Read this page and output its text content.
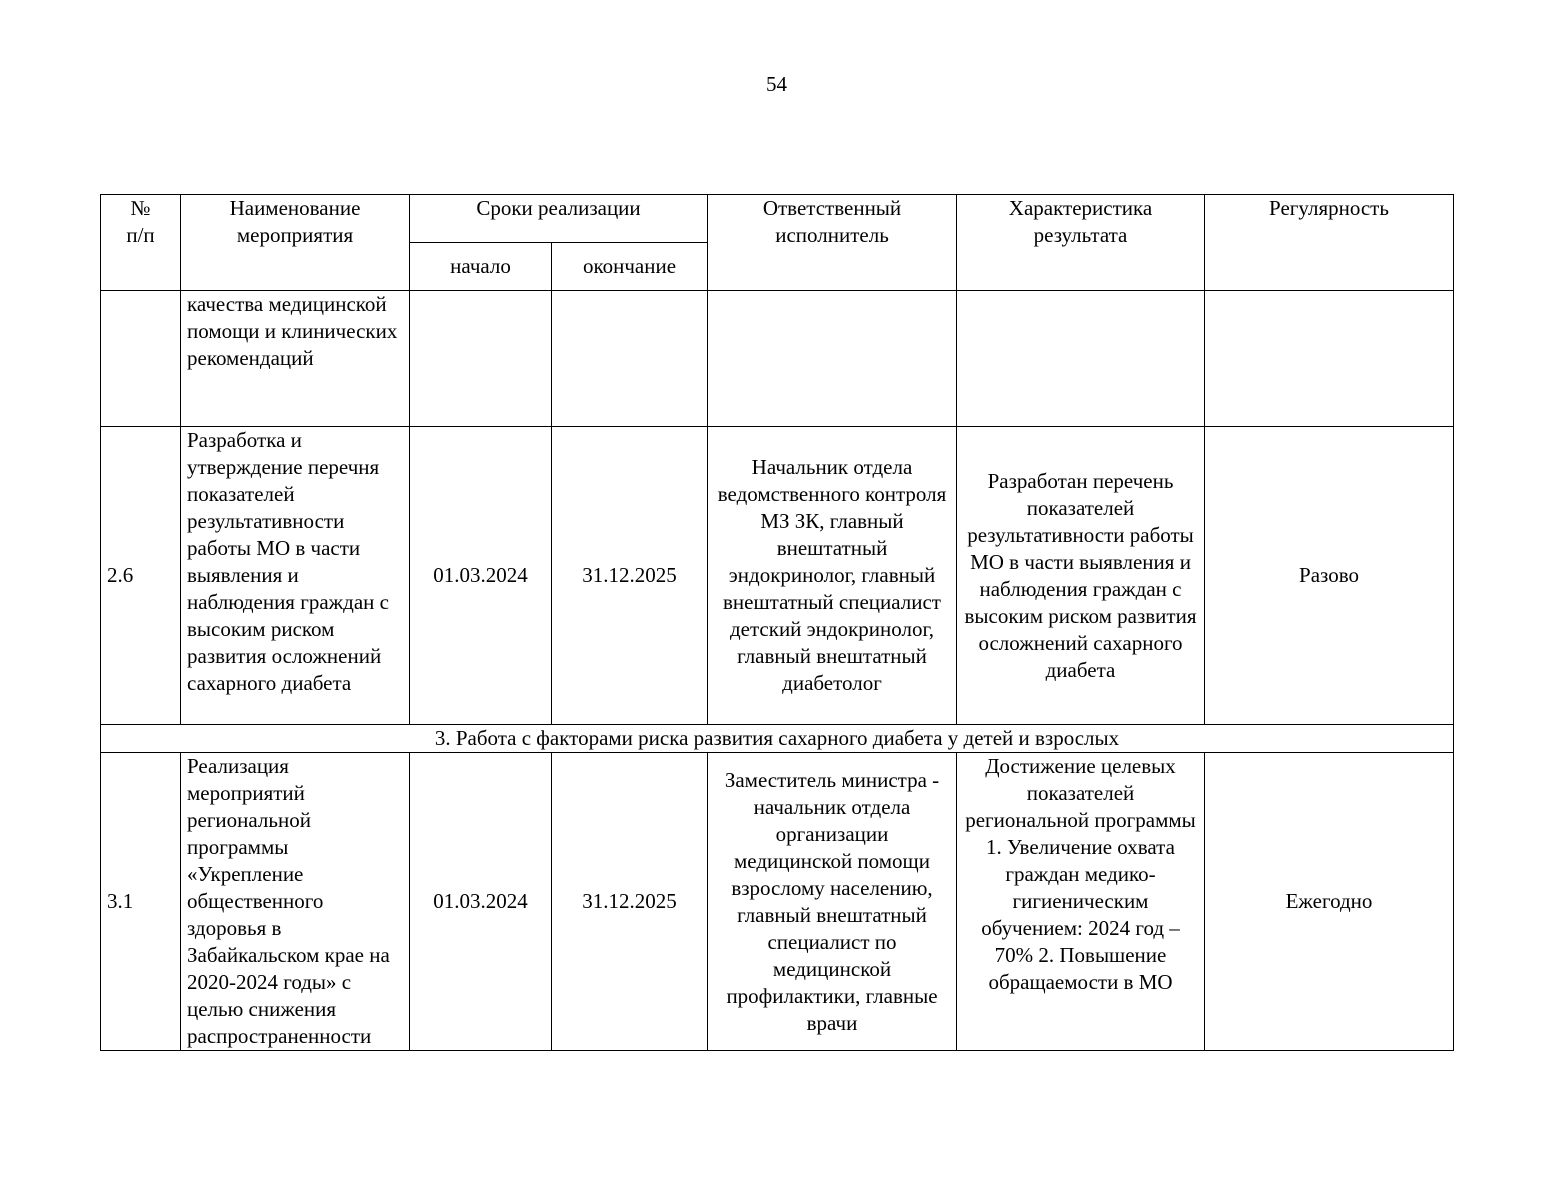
54
№
п/п	Наименование мероприятия	Сроки реализации		Ответственный исполнитель	Характеристика результата	Регулярность
		начало	окончание			
	качества медицинской помощи и клинических рекомендаций					
2.6	Разработка и утверждение перечня показателей результативности работы МО в части выявления и наблюдения граждан с высоким риском развития осложнений сахарного диабета	01.03.2024	31.12.2025	Начальник отдела ведомственного контроля МЗ ЗК, главный внештатный эндокринолог, главный внештатный специалист детский эндокринолог, главный внештатный диабетолог	Разработан перечень показателей результативности работы МО в части выявления и наблюдения граждан с высоким риском развития осложнений сахарного диабета	Разово
3. Работа с факторами риска развития сахарного диабета у детей и взрослых						
3.1	Реализация мероприятий региональной программы «Укрепление общественного здоровья в Забайкальском крае на 2020-2024 годы» с целью снижения распространенности	01.03.2024	31.12.2025	Заместитель министра - начальник отдела организации медицинской помощи взрослому населению, главный внештатный специалист по медицинской профилактики, главные врачи	Достижение целевых показателей региональной программы 1. Увеличение охвата граждан медико-гигиеническим обучением: 2024 год – 70% 2. Повышение обращаемости в МО	Ежегодно
